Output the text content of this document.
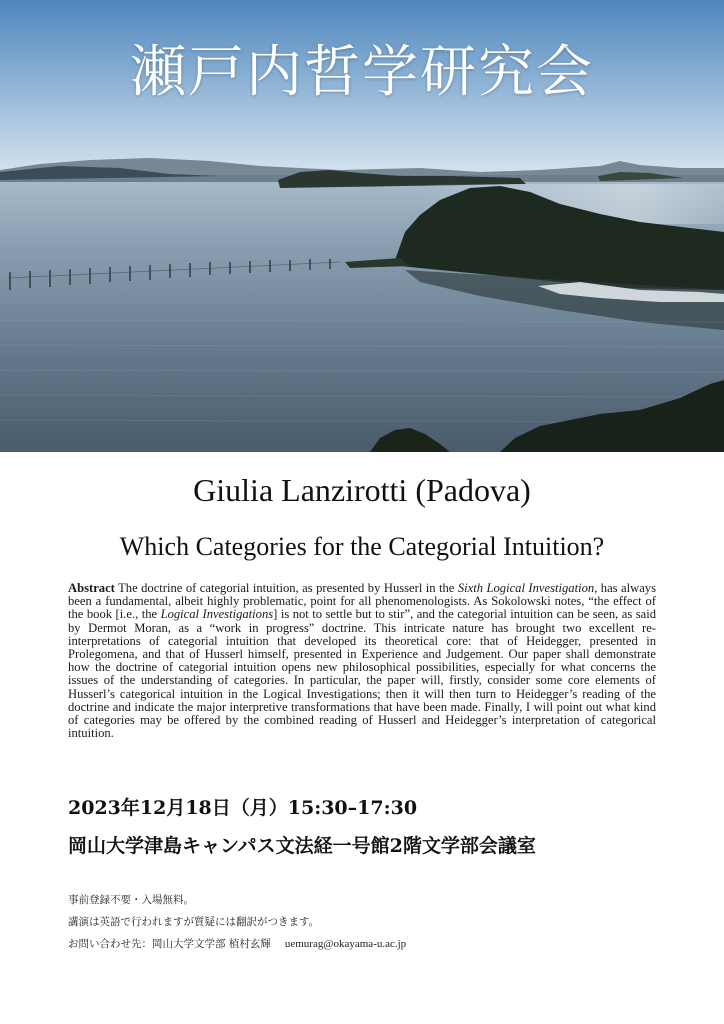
瀬戸内哲学研究会
Giulia Lanzirotti (Padova)
Which Categories for the Categorial Intuition?

Abstract The doctrine of categorial intuition, as presented by Husserl in the Sixth Logical Investigation, has always been a fundamental, albeit highly problematic, point for all phenomenologists. As Sokolowski notes, “the effect of the book [i.e., the Logical Investigations] is not to settle but to stir”, and the categorial intuition can be seen, as said by Dermot Moran, as a “work in progress” doctrine. This intricate nature has brought two excellent re-interpretations of categorial intuition that developed its theoretical core: that of Heidegger, presented in Prolegomena, and that of Husserl himself, presented in Experience and Judgement. Our paper shall demonstrate how the doctrine of categorial intuition opens new philosophical possibilities, especially for what concerns the issues of the understanding of categories. In particular, the paper will, firstly, consider some core elements of Husserl’s categorical intuition in the Logical Investigations; then it will then turn to Heidegger’s reading of the doctrine and indicate the major interpretive transformations that have been made. Finally, I will point out what kind of categories may be offered by the combined reading of Husserl and Heidegger’s interpretation of categorical intuition.

2023年12月18日（月）15:30–17:30

岡山大学津島キャンパス文法経一号館2階文学部会議室

事前登録不要・入場無料。
講演は英語で行われますが質疑には翻訳がつきます。
お問い合わせ先：岡山大学文学部 植村玄輝 uemurag@okayama-u.ac.jp
